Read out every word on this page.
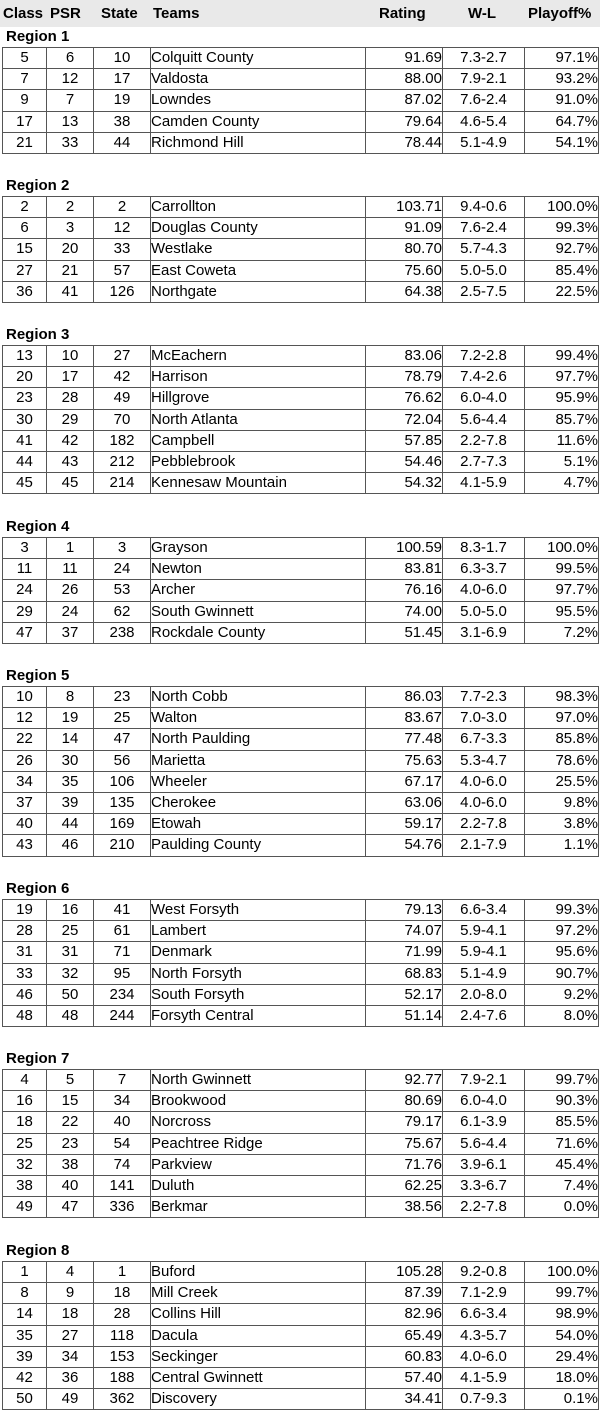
Class PSR State Teams	Rating	W-L Playoff%
Region 1
5	6	10	Colquitt County	91.69	7.3-2.7	97.1%
7	12	17	Valdosta	88.00	7.9-2.1	93.2%
9	7	19	Lowndes	87.02	7.6-2.4	91.0%
17	13	38	Camden County	79.64	4.6-5.4	64.7%
21	33	44	Richmond Hill	78.44	5.1-4.9	54.1%
Region 2
2	2	2	Carrollton	103.71	9.4-0.6	100.0%
6	3	12	Douglas County	91.09	7.6-2.4	99.3%
15	20	33	Westlake	80.70	5.7-4.3	92.7%
27	21	57	East Coweta	75.60	5.0-5.0	85.4%
36	41	126	Northgate	64.38	2.5-7.5	22.5%
Region 3
13	10	27	McEachern	83.06	7.2-2.8	99.4%
20	17	42	Harrison	78.79	7.4-2.6	97.7%
23	28	49	Hillgrove	76.62	6.0-4.0	95.9%
30	29	70	North Atlanta	72.04	5.6-4.4	85.7%
41	42	182	Campbell	57.85	2.2-7.8	11.6%
44	43	212	Pebblebrook	54.46	2.7-7.3	5.1%
45	45	214	Kennesaw Mountain	54.32	4.1-5.9	4.7%
Region 4
3	1	3	Grayson	100.59	8.3-1.7	100.0%
11	11	24	Newton	83.81	6.3-3.7	99.5%
24	26	53	Archer	76.16	4.0-6.0	97.7%
29	24	62	South Gwinnett	74.00	5.0-5.0	95.5%
47	37	238	Rockdale County	51.45	3.1-6.9	7.2%
Region 5
10	8	23	North Cobb	86.03	7.7-2.3	98.3%
12	19	25	Walton	83.67	7.0-3.0	97.0%
22	14	47	North Paulding	77.48	6.7-3.3	85.8%
26	30	56	Marietta	75.63	5.3-4.7	78.6%
34	35	106	Wheeler	67.17	4.0-6.0	25.5%
37	39	135	Cherokee	63.06	4.0-6.0	9.8%
40	44	169	Etowah	59.17	2.2-7.8	3.8%
43	46	210	Paulding County	54.76	2.1-7.9	1.1%
Region 6
19	16	41	West Forsyth	79.13	6.6-3.4	99.3%
28	25	61	Lambert	74.07	5.9-4.1	97.2%
31	31	71	Denmark	71.99	5.9-4.1	95.6%
33	32	95	North Forsyth	68.83	5.1-4.9	90.7%
46	50	234	South Forsyth	52.17	2.0-8.0	9.2%
48	48	244	Forsyth Central	51.14	2.4-7.6	8.0%
Region 7
4	5	7	North Gwinnett	92.77	7.9-2.1	99.7%
16	15	34	Brookwood	80.69	6.0-4.0	90.3%
18	22	40	Norcross	79.17	6.1-3.9	85.5%
25	23	54	Peachtree Ridge	75.67	5.6-4.4	71.6%
32	38	74	Parkview	71.76	3.9-6.1	45.4%
38	40	141	Duluth	62.25	3.3-6.7	7.4%
49	47	336	Berkmar	38.56	2.2-7.8	0.0%
Region 8
1	4	1	Buford	105.28	9.2-0.8	100.0%
8	9	18	Mill Creek	87.39	7.1-2.9	99.7%
14	18	28	Collins Hill	82.96	6.6-3.4	98.9%
35	27	118	Dacula	65.49	4.3-5.7	54.0%
39	34	153	Seckinger	60.83	4.0-6.0	29.4%
42	36	188	Central Gwinnett	57.40	4.1-5.9	18.0%
50	49	362	Discovery	34.41	0.7-9.3	0.1%
